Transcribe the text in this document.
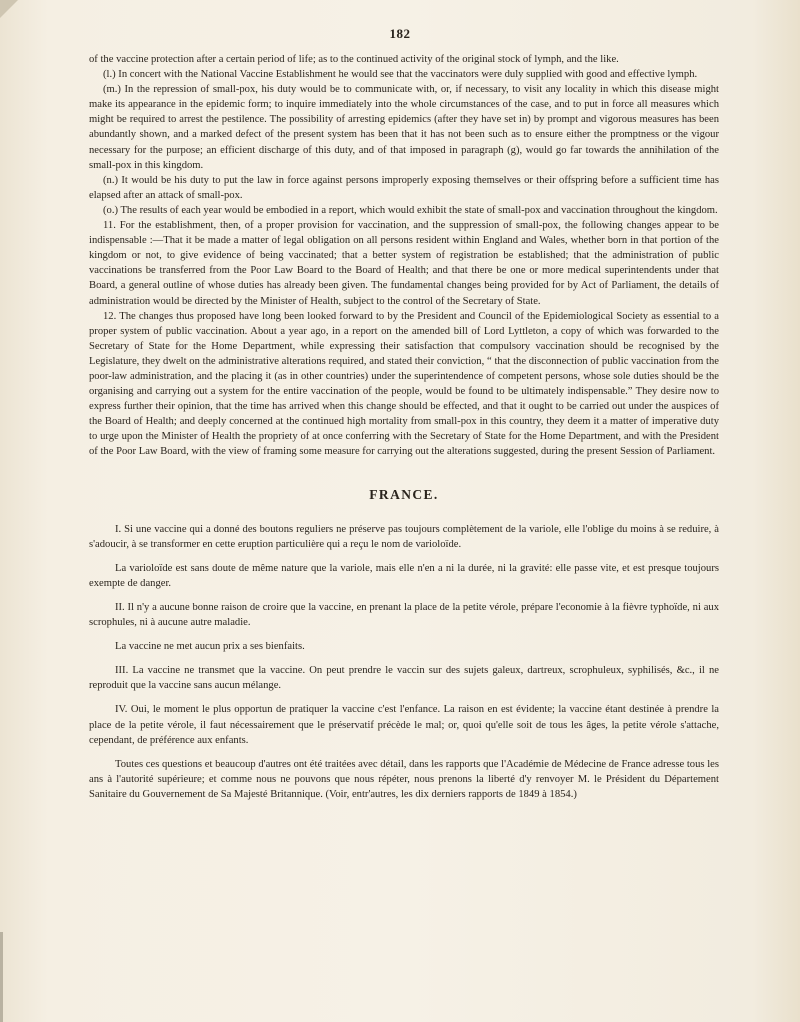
182

of the vaccine protection after a certain period of life; as to the continued activity of the original stock of lymph, and the like.

(l.) In concert with the National Vaccine Establishment he would see that the vaccinators were duly supplied with good and effective lymph.

(m.) In the repression of small-pox, his duty would be to communicate with, or, if necessary, to visit any locality in which this disease might make its appearance in the epidemic form; to inquire immediately into the whole circumstances of the case, and to put in force all measures which might be required to arrest the pestilence. The possibility of arresting epidemics (after they have set in) by prompt and vigorous measures has been abundantly shown, and a marked defect of the present system has been that it has not been such as to ensure either the promptness or the vigour necessary for the purpose; an efficient discharge of this duty, and of that imposed in paragraph (g), would go far towards the annihilation of the small-pox in this kingdom.

(n.) It would be his duty to put the law in force against persons improperly exposing themselves or their offspring before a sufficient time has elapsed after an attack of small-pox.

(o.) The results of each year would be embodied in a report, which would exhibit the state of small-pox and vaccination throughout the kingdom.

11. For the establishment, then, of a proper provision for vaccination, and the suppression of small-pox, the following changes appear to be indispensable :—That it be made a matter of legal obligation on all persons resident within England and Wales, whether born in that portion of the kingdom or not, to give evidence of being vaccinated; that a better system of registration be established; that the administration of public vaccinations be transferred from the Poor Law Board to the Board of Health; and that there be one or more medical superintendents under that Board, a general outline of whose duties has already been given. The fundamental changes being provided for by Act of Parliament, the details of administration would be directed by the Minister of Health, subject to the control of the Secretary of State.

12. The changes thus proposed have long been looked forward to by the President and Council of the Epidemiological Society as essential to a proper system of public vaccination. About a year ago, in a report on the amended bill of Lord Lyttleton, a copy of which was forwarded to the Secretary of State for the Home Department, while expressing their satisfaction that compulsory vaccination should be recognised by the Legislature, they dwelt on the administrative alterations required, and stated their conviction, “ that the disconnection of public vaccination from the poor-law administration, and the placing it (as in other countries) under the superintendence of competent persons, whose sole duties should be the organising and carrying out a system for the entire vaccination of the people, would be found to be ultimately indispensable.” They desire now to express further their opinion, that the time has arrived when this change should be effected, and that it ought to be carried out under the auspices of the Board of Health; and deeply concerned at the continued high mortality from small-pox in this country, they deem it a matter of imperative duty to urge upon the Minister of Health the propriety of at once conferring with the Secretary of State for the Home Department, and with the President of the Poor Law Board, with the view of framing some measure for carrying out the alterations suggested, during the present Session of Parliament.

FRANCE.

I. Si une vaccine qui a donné des boutons reguliers ne préserve pas toujours complètement de la variole, elle l'oblige du moins à se reduire, à s'adoucir, à se transformer en cette eruption particulière qui a reçu le nom de varioloïde.

La varioloïde est sans doute de même nature que la variole, mais elle n'en a ni la durée, ni la gravité: elle passe vite, et est presque toujours exempte de danger.

II. Il n'y a aucune bonne raison de croire que la vaccine, en prenant la place de la petite vérole, prépare l'economie à la fièvre typhoïde, ni aux scrophules, ni à aucune autre maladie.

La vaccine ne met aucun prix a ses bienfaits.

III. La vaccine ne transmet que la vaccine. On peut prendre le vaccin sur des sujets galeux, dartreux, scrophuleux, syphilisés, &c., il ne reproduit que la vaccine sans aucun mélange.

IV. Oui, le moment le plus opportun de pratiquer la vaccine c'est l'enfance. La raison en est évidente; la vaccine étant destinée à prendre la place de la petite vérole, il faut nécessairement que le préservatif précède le mal; or, quoi qu'elle soit de tous les âges, la petite vérole s'attache, cependant, de préférence aux enfants.

Toutes ces questions et beaucoup d'autres ont été traitées avec détail, dans les rapports que l'Académie de Médecine de France adresse tous les ans à l'autorité supérieure; et comme nous ne pouvons que nous répéter, nous prenons la liberté d'y renvoyer M. le Président du Département Sanitaire du Gouvernement de Sa Majesté Britannique. (Voir, entr'autres, les dix derniers rapports de 1849 à 1854.)
